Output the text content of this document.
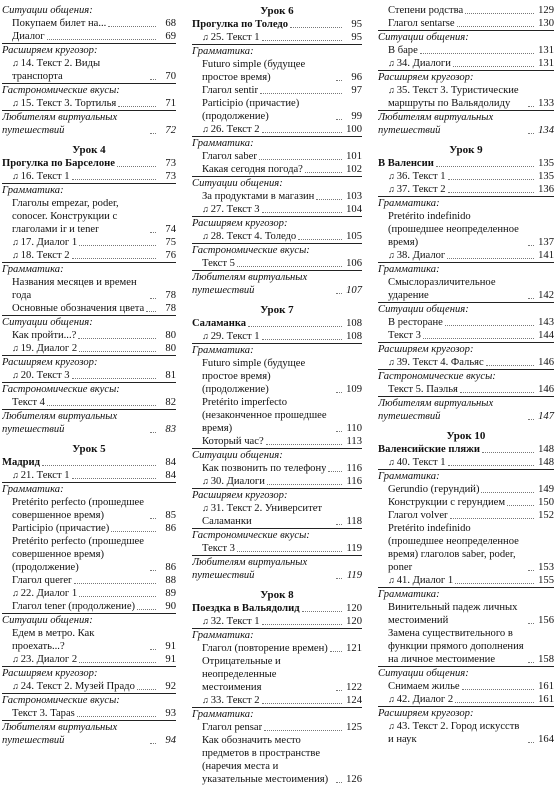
Ситуации общения:
Покупаем билет на...	68
Диалог	69
Расширяем кругозор:
♫ 14. Текст 2. Виды транспорта	70
Гастрономические вкусы:
♫ 15. Текст 3. Тортилья	71
Любителям виртуальных путешествий	72
Урок 4
Прогулка по Барселоне	73
♫ 16. Текст 1	73
Грамматика:
Глаголы empezar, poder, conocer. Конструкции с глаголами ir и tener	74
♫ 17. Диалог 1	75
♫ 18. Текст 2	76
Грамматика:
Названия месяцев и времен года	78
Основные обозначения цвета	78
Ситуации общения:
Как пройти...?	80
♫ 19. Диалог 2	80
Расширяем кругозор:
♫ 20. Текст 3	81
Гастрономические вкусы:
Текст 4	82
Любителям виртуальных путешествий	83
Урок 5
Мадрид	84
♫ 21. Текст 1	84
Грамматика:
Pretérito perfecto (прошедшее совершенное время)	85
Participio (причастие)	86
Pretérito perfecto (прошедшее совершенное время) (продолжение)	86
Глагол querer	88
♫ 22. Диалог 1	89
Глагол tener (продолжение)	90
Ситуации общения:
Едем в метро. Как проехать...?	91
♫ 23. Диалог 2	91
Расширяем кругозор:
♫ 24. Текст 2. Музей Прадо	92
Гастрономические вкусы:
Текст 3. Tapas	93
Любителям виртуальных путешествий	94
Урок 6
Прогулка по Толедо	95
♫ 25. Текст 1	95
Грамматика:
Futuro simple (будущее простое время)	96
Глагол sentir	97
Participio (причастие) (продолжение)	99
♫ 26. Текст 2	100
Грамматика:
Глагол saber	101
Какая сегодня погода?	102
Ситуации общения:
За продуктами в магазин	103
♫ 27. Текст 3	104
Расширяем кругозор:
♫ 28. Текст 4. Толедо	105
Гастрономические вкусы:
Текст 5	106
Любителям виртуальных путешествий	107
Урок 7
Саламанка	108
♫ 29. Текст 1	108
Грамматика:
Futuro simple (будущее простое время) (продолжение)	109
Pretérito imperfecto (незаконченное прошедшее время)	110
Который час?	113
Ситуации общения:
Как позвонить по телефону 116
♫ 30. Диалоги	116
Расширяем кругозор:
♫ 31. Текст 2. Университет Саламанки	118
Гастрономические вкусы:
Текст 3	119
Любителям виртуальных путешествий	119
Урок 8
Поездка в Вальядолид	120
♫ 32. Текст 1	120
Грамматика:
Глагол (повторение времен) 121
Отрицательные и неопределенные местоимения	122
♫ 33. Текст 2	124
Грамматика:
Глагол pensar	125
Как обозначить место предметов в пространстве (наречия места и указательные местоимения)	126
Степени родства	129
Глагол sentarse	130
Ситуации общения:
В баре	131
♫ 34. Диалоги	131
Расширяем кругозор:
♫ 35. Текст 3. Туристические маршруты по Вальядолиду	133
Любителям виртуальных путешествий	134
Урок 9
В Валенсии	135
♫ 36. Текст 1	135
♫ 37. Текст 2	136
Грамматика:
Pretérito indefinido (прошедшее неопределенное время)	137
♫ 38. Диалог	141
Грамматика:
Смыслоразличительное ударение	142
Ситуации общения:
В ресторане	143
Текст 3	144
Расширяем кругозор:
♫ 39. Текст 4. Фальяс	146
Гастрономические вкусы:
Текст 5. Паэлья	146
Любителям виртуальных путешествий	147
Урок 10
Валенсийские пляжи	148
♫ 40. Текст 1	148
Грамматика:
Gerundio (герундий)	149
Конструкции с герундием	150
Глагол volver	152
Pretérito indefinido (прошедшее неопределенное время) глаголов saber, poder, poner	153
♫ 41. Диалог 1	155
Грамматика:
Винительный падеж личных местоимений	156
Замена существительного в функции прямого дополнения на личное местоимение	158
Ситуации общения:
Снимаем жилье	161
♫ 42. Диалог 2	161
Расширяем кругозор:
♫ 43. Текст 2. Город искусств и наук	164
